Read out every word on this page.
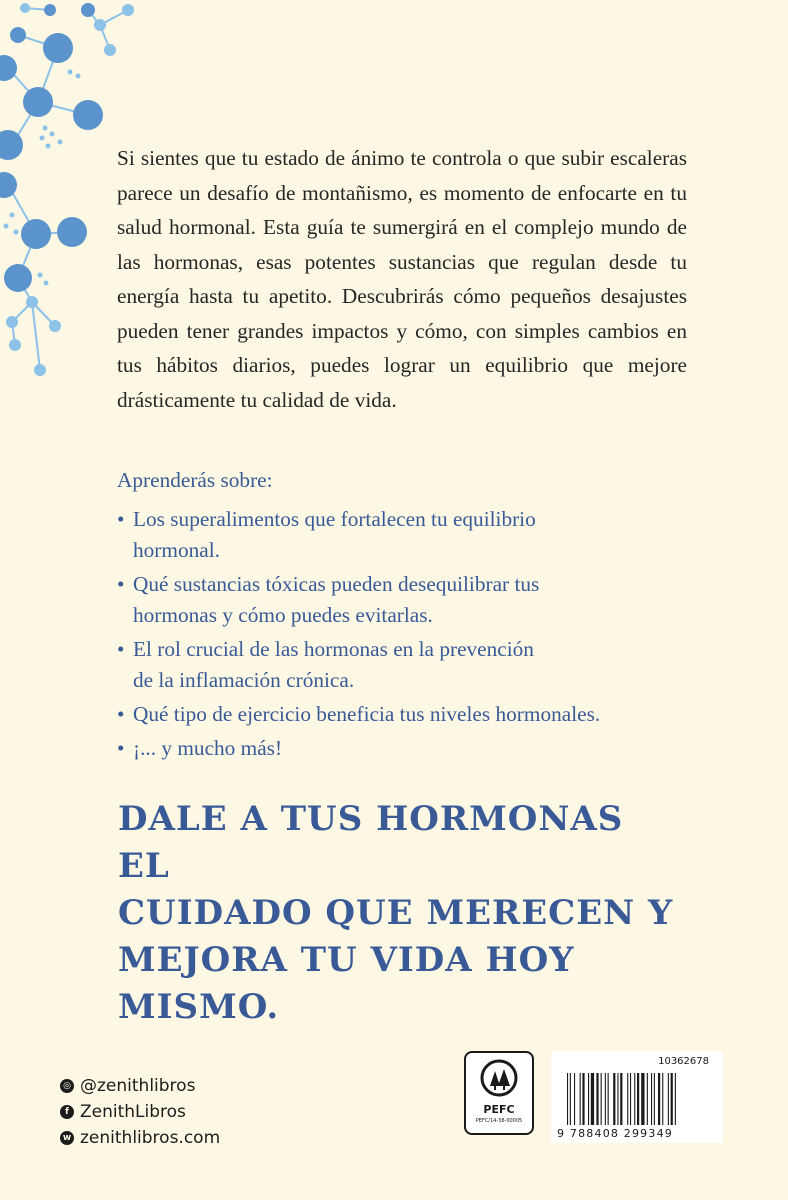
Si sientes que tu estado de ánimo te controla o que subir escaleras parece un desafío de montañismo, es momento de enfocarte en tu salud hormonal. Esta guía te sumergirá en el complejo mundo de las hormonas, esas potentes sustancias que regulan desde tu energía hasta tu apetito. Descubrirás cómo pequeños desajustes pueden tener grandes impactos y cómo, con simples cambios en tus hábitos diarios, puedes lograr un equilibrio que mejore drásticamente tu calidad de vida.

Aprenderás sobre:
• Los superalimentos que fortalecen tu equilibrio
hormonal.
• Qué sustancias tóxicas pueden desequilibrar tus
hormonas y cómo puedes evitarlas.
• El rol crucial de las hormonas en la prevención
de la inflamación crónica.
• Qué tipo de ejercicio beneficia tus niveles hormonales.
• ¡... y mucho más!
DALE A TUS HORMONAS EL
CUIDADO QUE MERECEN Y
MEJORA TU VIDA HOY MISMO.
◎ @zenithlibros
f ZenithLibros
w zenithlibros.com
PEFC
PEFC/14-38-00005
10362678
9 788408 299349
